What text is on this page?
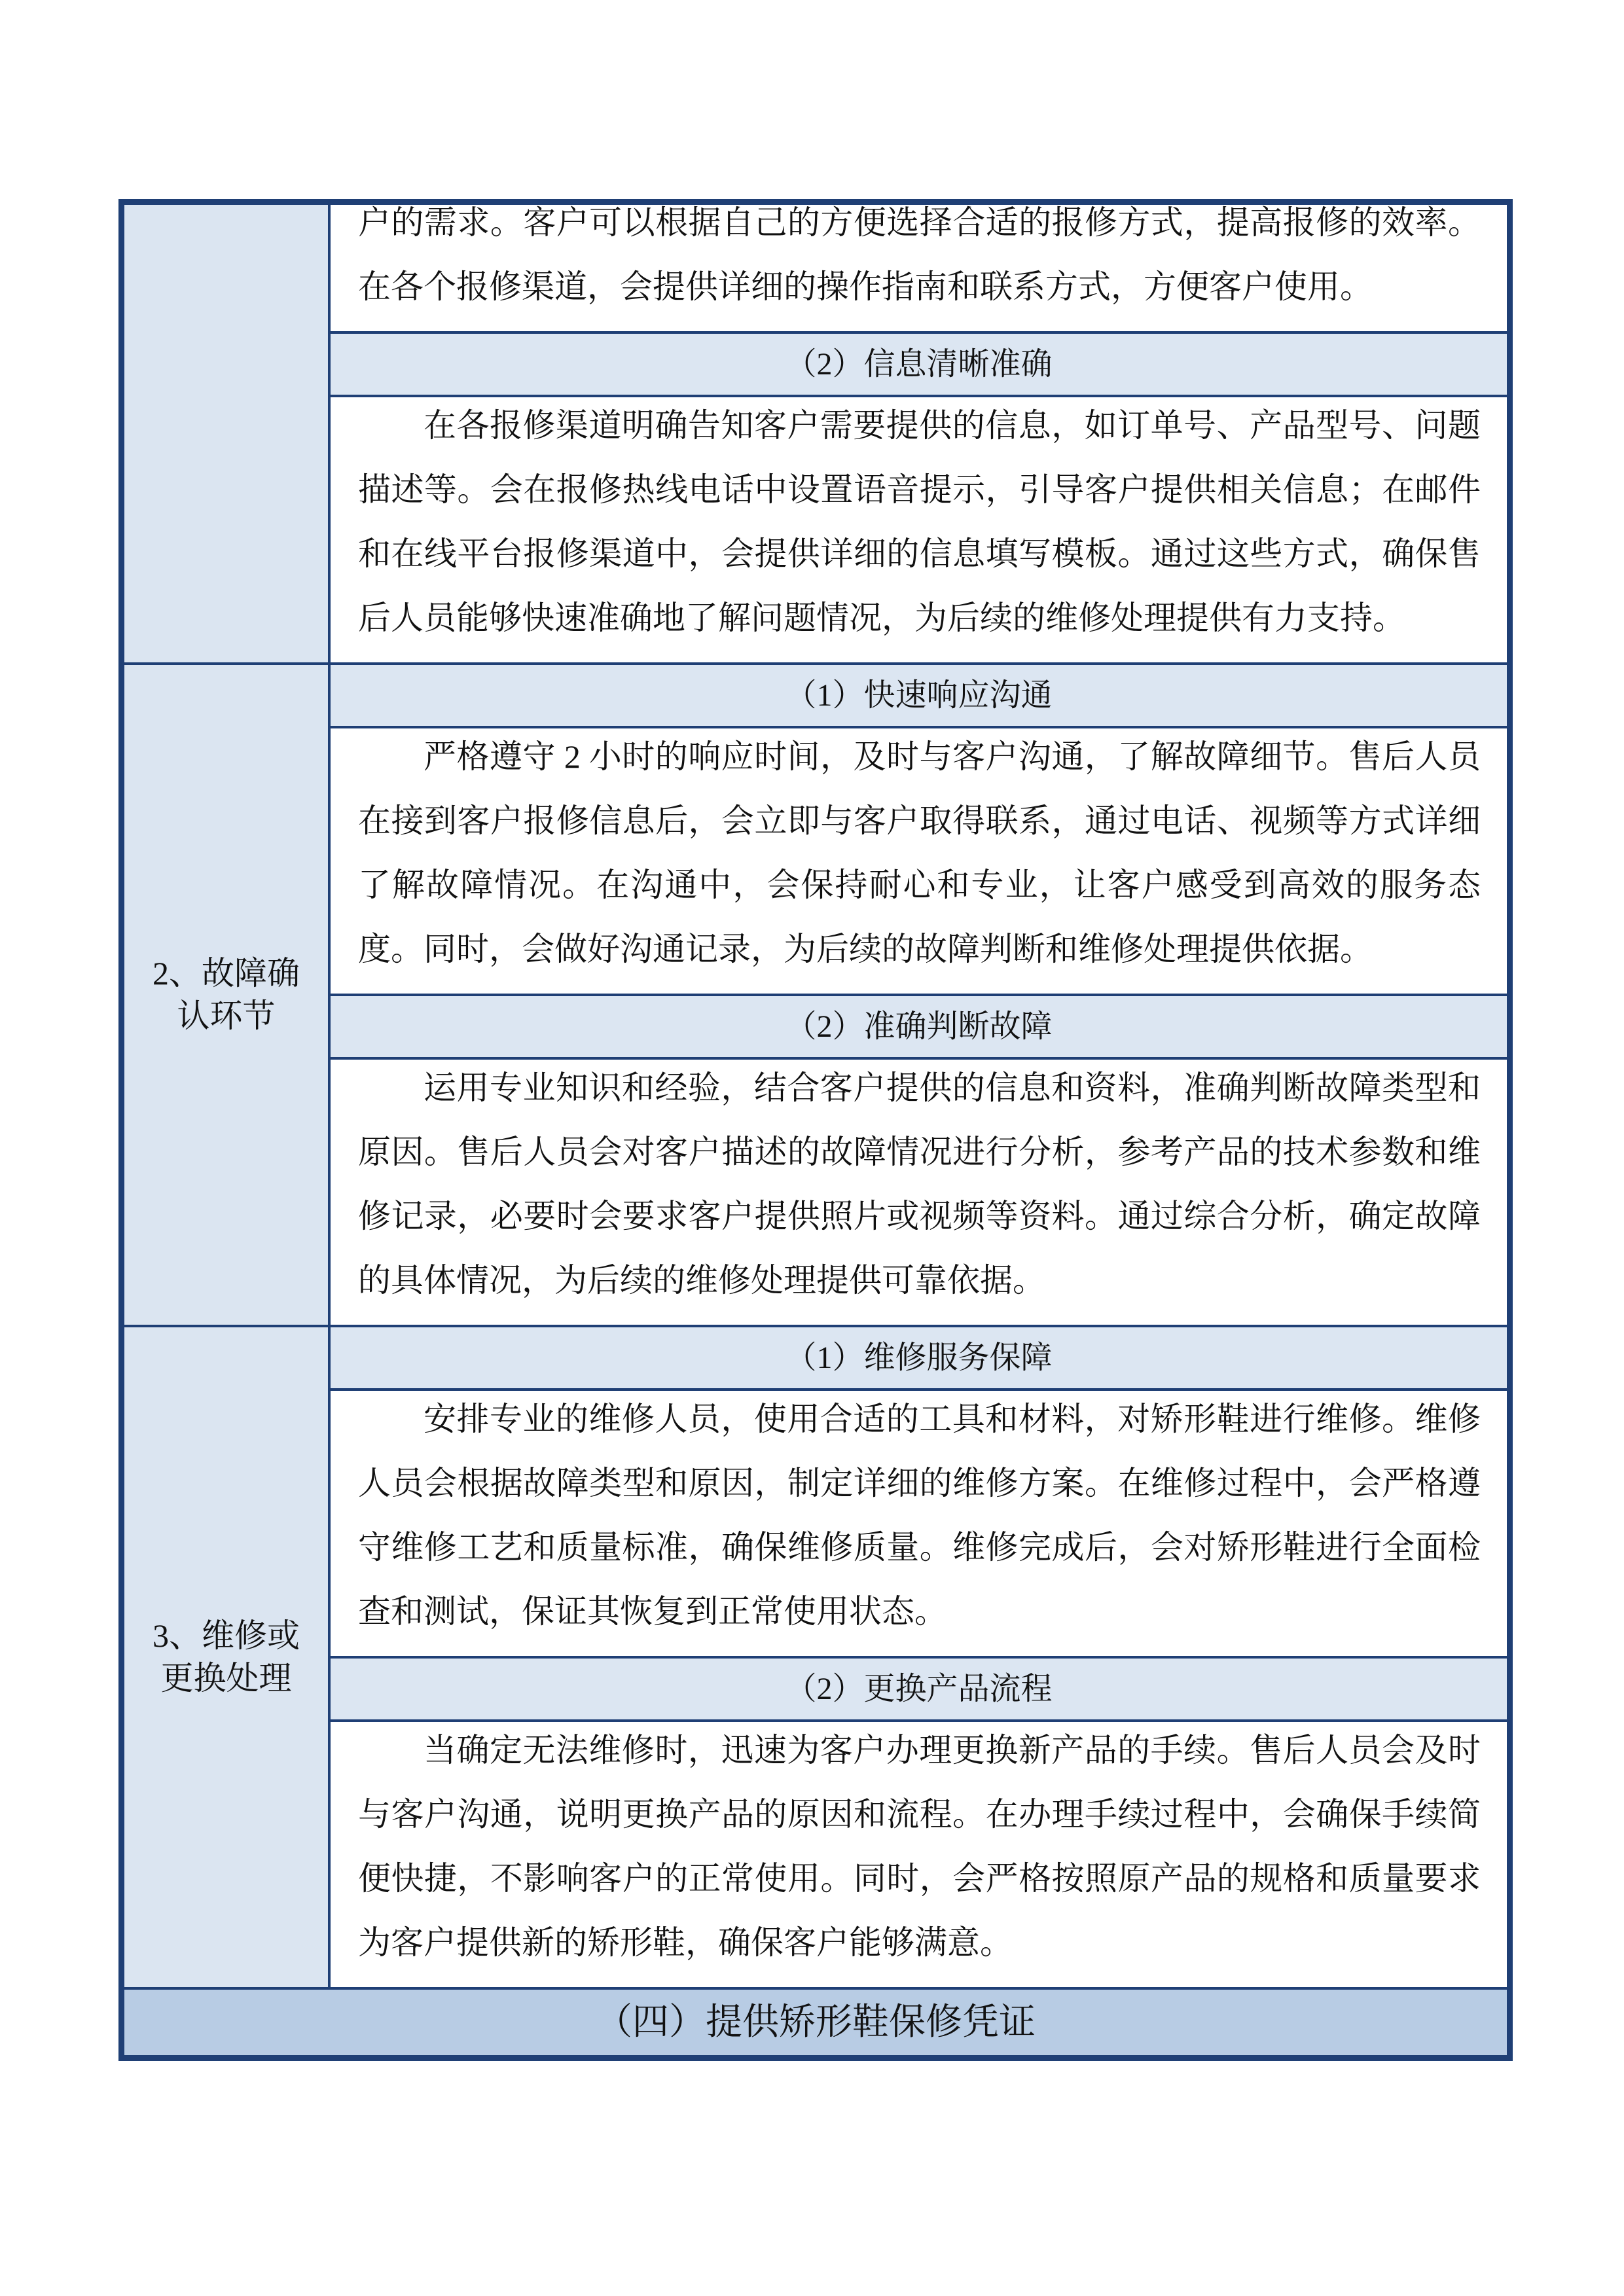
户的需求。客户可以根据自己的方便选择合适的报修方式，提高报修的效率。
在各个报修渠道，会提供详细的操作指南和联系方式，方便客户使用。
（2）信息清晰准确
在各报修渠道明确告知客户需要提供的信息，如订单号、产品型号、问题
描述等。会在报修热线电话中设置语音提示，引导客户提供相关信息；在邮件
和在线平台报修渠道中，会提供详细的信息填写模板。通过这些方式，确保售
后人员能够快速准确地了解问题情况，为后续的维修处理提供有力支持。
2、故障确
认环节
（1）快速响应沟通
严格遵守 2 小时的响应时间，及时与客户沟通，了解故障细节。售后人员
在接到客户报修信息后，会立即与客户取得联系，通过电话、视频等方式详细
了解故障情况。在沟通中，会保持耐心和专业，让客户感受到高效的服务态
度。同时，会做好沟通记录，为后续的故障判断和维修处理提供依据。
（2）准确判断故障
运用专业知识和经验，结合客户提供的信息和资料，准确判断故障类型和
原因。售后人员会对客户描述的故障情况进行分析，参考产品的技术参数和维
修记录，必要时会要求客户提供照片或视频等资料。通过综合分析，确定故障
的具体情况，为后续的维修处理提供可靠依据。
3、维修或
更换处理
（1）维修服务保障
安排专业的维修人员，使用合适的工具和材料，对矫形鞋进行维修。维修
人员会根据故障类型和原因，制定详细的维修方案。在维修过程中，会严格遵
守维修工艺和质量标准，确保维修质量。维修完成后，会对矫形鞋进行全面检
查和测试，保证其恢复到正常使用状态。
（2）更换产品流程
当确定无法维修时，迅速为客户办理更换新产品的手续。售后人员会及时
与客户沟通，说明更换产品的原因和流程。在办理手续过程中，会确保手续简
便快捷，不影响客户的正常使用。同时，会严格按照原产品的规格和质量要求
为客户提供新的矫形鞋，确保客户能够满意。
（四）提供矫形鞋保修凭证
